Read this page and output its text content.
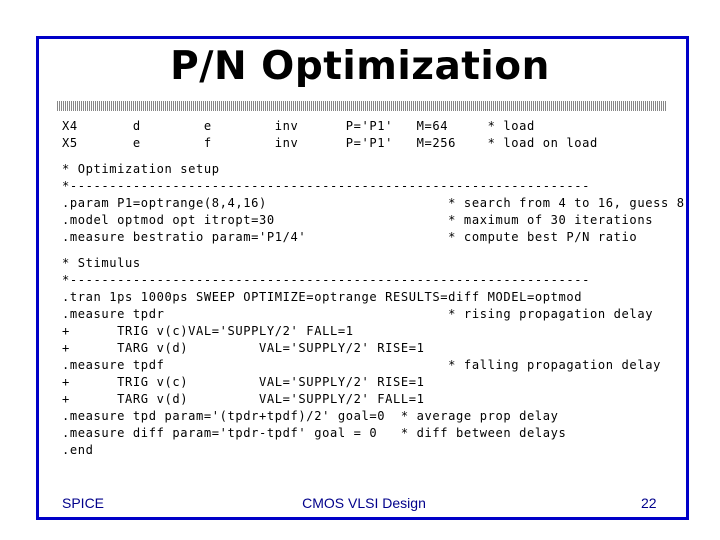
P/N Optimization
X4       d        e        inv      P='P1'   M=64     * load
X5       e        f        inv      P='P1'   M=256    * load on load
* Optimization setup
*------------------------------------------------------------------
.param P1=optrange(8,4,16)                       * search from 4 to 16, guess 8
.model optmod opt itropt=30                      * maximum of 30 iterations
.measure bestratio param='P1/4'                  * compute best P/N ratio
* Stimulus
*------------------------------------------------------------------
.tran 1ps 1000ps SWEEP OPTIMIZE=optrange RESULTS=diff MODEL=optmod
.measure tpdr                                    * rising propagation delay
+      TRIG v(c)VAL='SUPPLY/2' FALL=1
+      TARG v(d)         VAL='SUPPLY/2' RISE=1
.measure tpdf                                    * falling propagation delay
+      TRIG v(c)         VAL='SUPPLY/2' RISE=1
+      TARG v(d)         VAL='SUPPLY/2' FALL=1
.measure tpd param='(tpdr+tpdf)/2' goal=0  * average prop delay
.measure diff param='tpdr-tpdf' goal = 0   * diff between delays
.end
SPICE	CMOS VLSI Design	22
